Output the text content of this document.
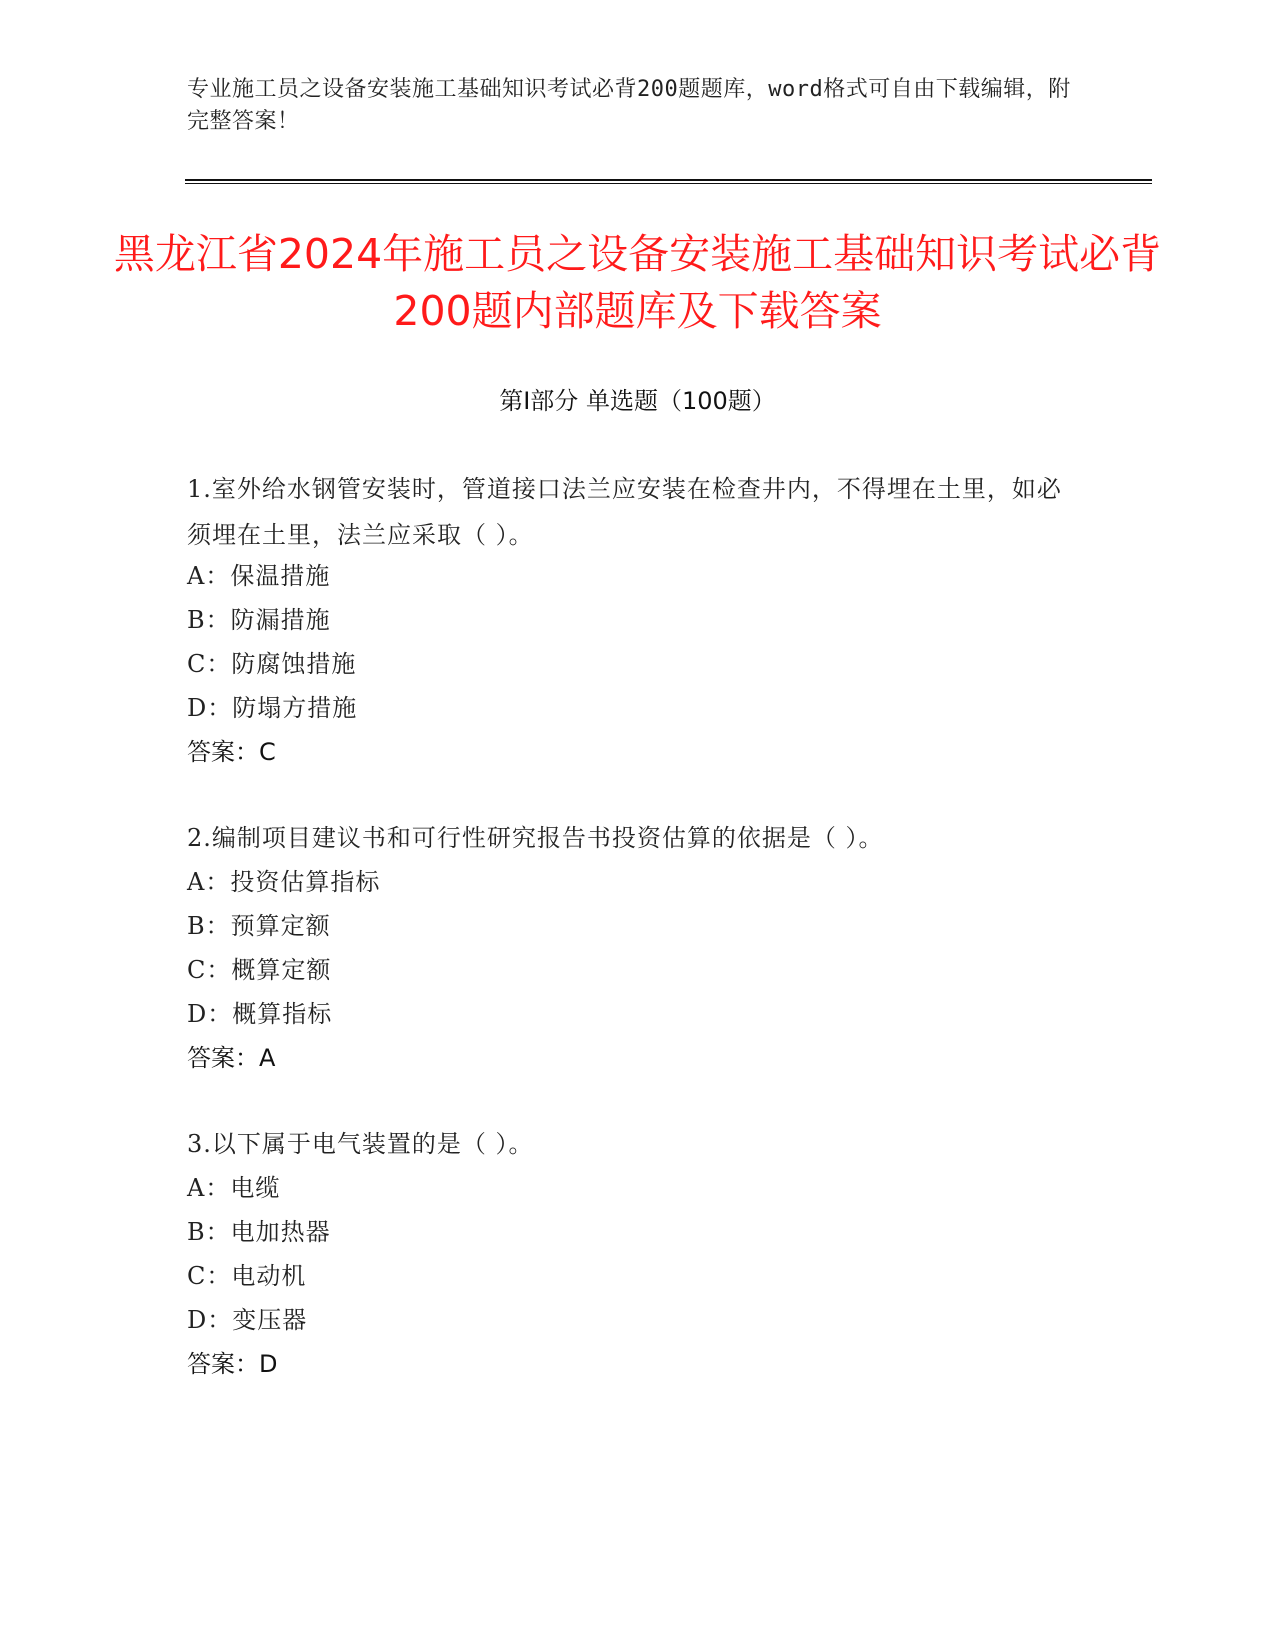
专业施工员之设备安装施工基础知识考试必背200题题库，word格式可自由下载编辑，附完整答案！
黑龙江省2024年施工员之设备安装施工基础知识考试必背200题内部题库及下载答案
第Ⅰ部分 单选题（100题）
1.室外给水钢管安装时，管道接口法兰应安装在检查井内，不得埋在土里，如必须埋在土里，法兰应采取（ ）。
A：保温措施
B：防漏措施
C：防腐蚀措施
D：防塌方措施
答案：C
2.编制项目建议书和可行性研究报告书投资估算的依据是（ ）。
A：投资估算指标
B：预算定额
C：概算定额
D：概算指标
答案：A
3.以下属于电气装置的是（ ）。
A：电缆
B：电加热器
C：电动机
D：变压器
答案：D
